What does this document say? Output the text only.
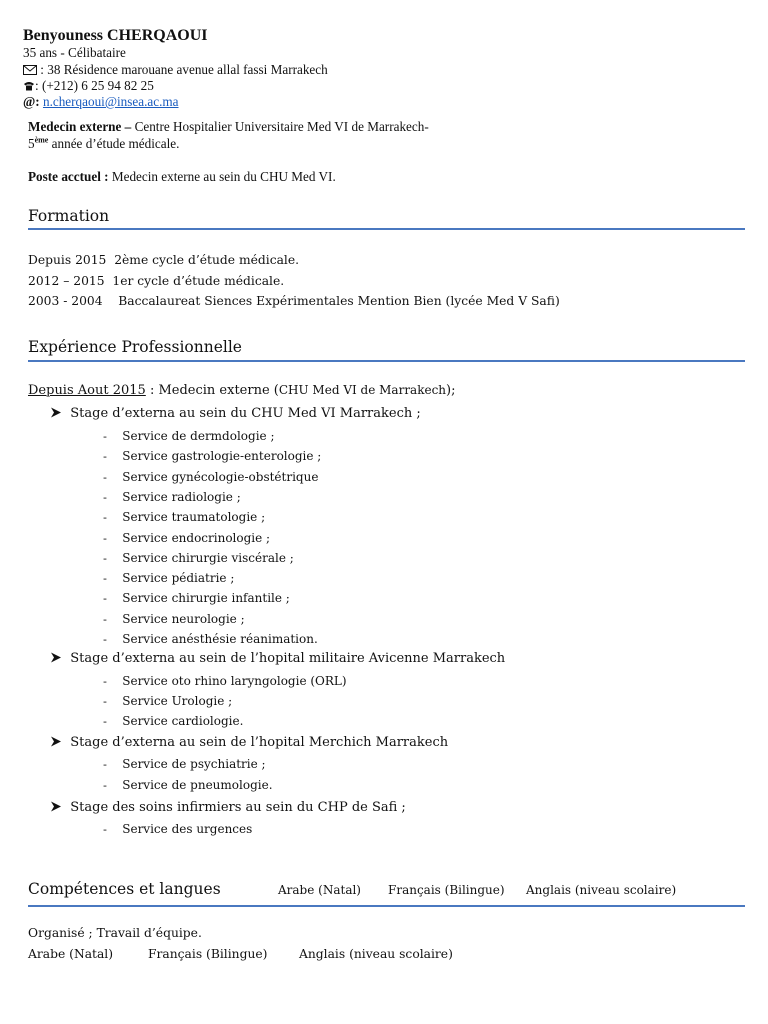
Benyouness CHERQAOUI
35 ans - Célibataire
: 38 Résidence marouane avenue allal fassi Marrakech
: (+212) 6 25 94 82 25
@: n.cherqaoui@insea.ac.ma
Medecin externe – Centre Hospitalier Universitaire Med VI de Marrakech-
5ème année d’étude médicale.
Poste acctuel : Medecin externe au sein du CHU Med VI.
Formation
Depuis 2015 2ème cycle d’étude médicale.
2012 – 2015 1er cycle d’étude médicale.
2003 - 2004 Baccalaureat Siences Expérimentales Mention Bien (lycée Med V Safi)
Expérience Professionnelle
Depuis Aout 2015 : Medecin externe (CHU Med VI de Marrakech);
Stage d’externa au sein du CHU Med VI Marrakech ;
- Service de dermdologie ;
- Service gastrologie-enterologie ;
- Service gynécologie-obstétrique
- Service radiologie ;
- Service traumatologie ;
- Service endocrinologie ;
- Service chirurgie viscérale ;
- Service pédiatrie ;
- Service chirurgie infantile ;
- Service neurologie ;
- Service anésthésie réanimation.
Stage d’externa au sein de l’hopital militaire Avicenne Marrakech
- Service oto rhino laryngologie (ORL)
- Service Urologie ;
- Service cardiologie.
Stage d’externa au sein de l’hopital Merchich Marrakech
- Service de psychiatrie ;
- Service de pneumologie.
Stage des soins infirmiers au sein du CHP de Safi ;
- Service des urgences
Compétences et langues	Arabe (Natal) Français (Bilingue) Anglais (niveau scolaire)
Organisé ; Travail d’équipe.
Arabe (Natal)	Français (Bilingue)	Anglais (niveau scolaire)
